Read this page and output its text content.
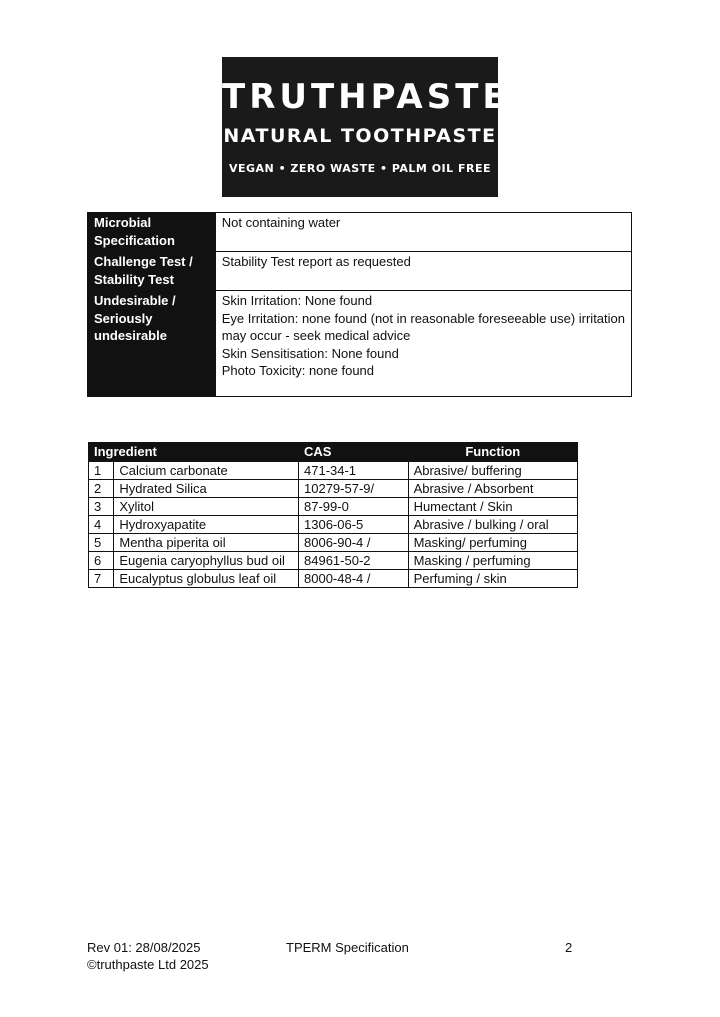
TRUTHPASTE
NATURAL TOOTHPASTE
VEGAN • ZERO WASTE • PALM OIL FREE
Microbial Specification	Not containing water

Challenge Test / Stability Test	Stability Test report as requested

Undesirable / Seriously undesirable	Skin Irritation: None found
Eye Irritation: none found (not in reasonable foreseeable use) irritation
may occur - seek medical advice
Skin Sensitisation: None found
Photo Toxicity: none found
Ingredient		CAS	Function
1	Calcium carbonate	471-34-1	Abrasive/ buffering
2	Hydrated Silica	10279-57-9/	Abrasive / Absorbent
3	Xylitol	87-99-0	Humectant / Skin
4	Hydroxyapatite	1306-06-5	Abrasive / bulking / oral
5	Mentha piperita oil	8006-90-4 /	Masking/ perfuming
6	Eugenia caryophyllus bud oil	84961-50-2	Masking / perfuming
7	Eucalyptus globulus leaf oil	8000-48-4 /	Perfuming / skin
Rev 01: 28/08/2025
©truthpaste Ltd 2025
TPERM Specification	2
